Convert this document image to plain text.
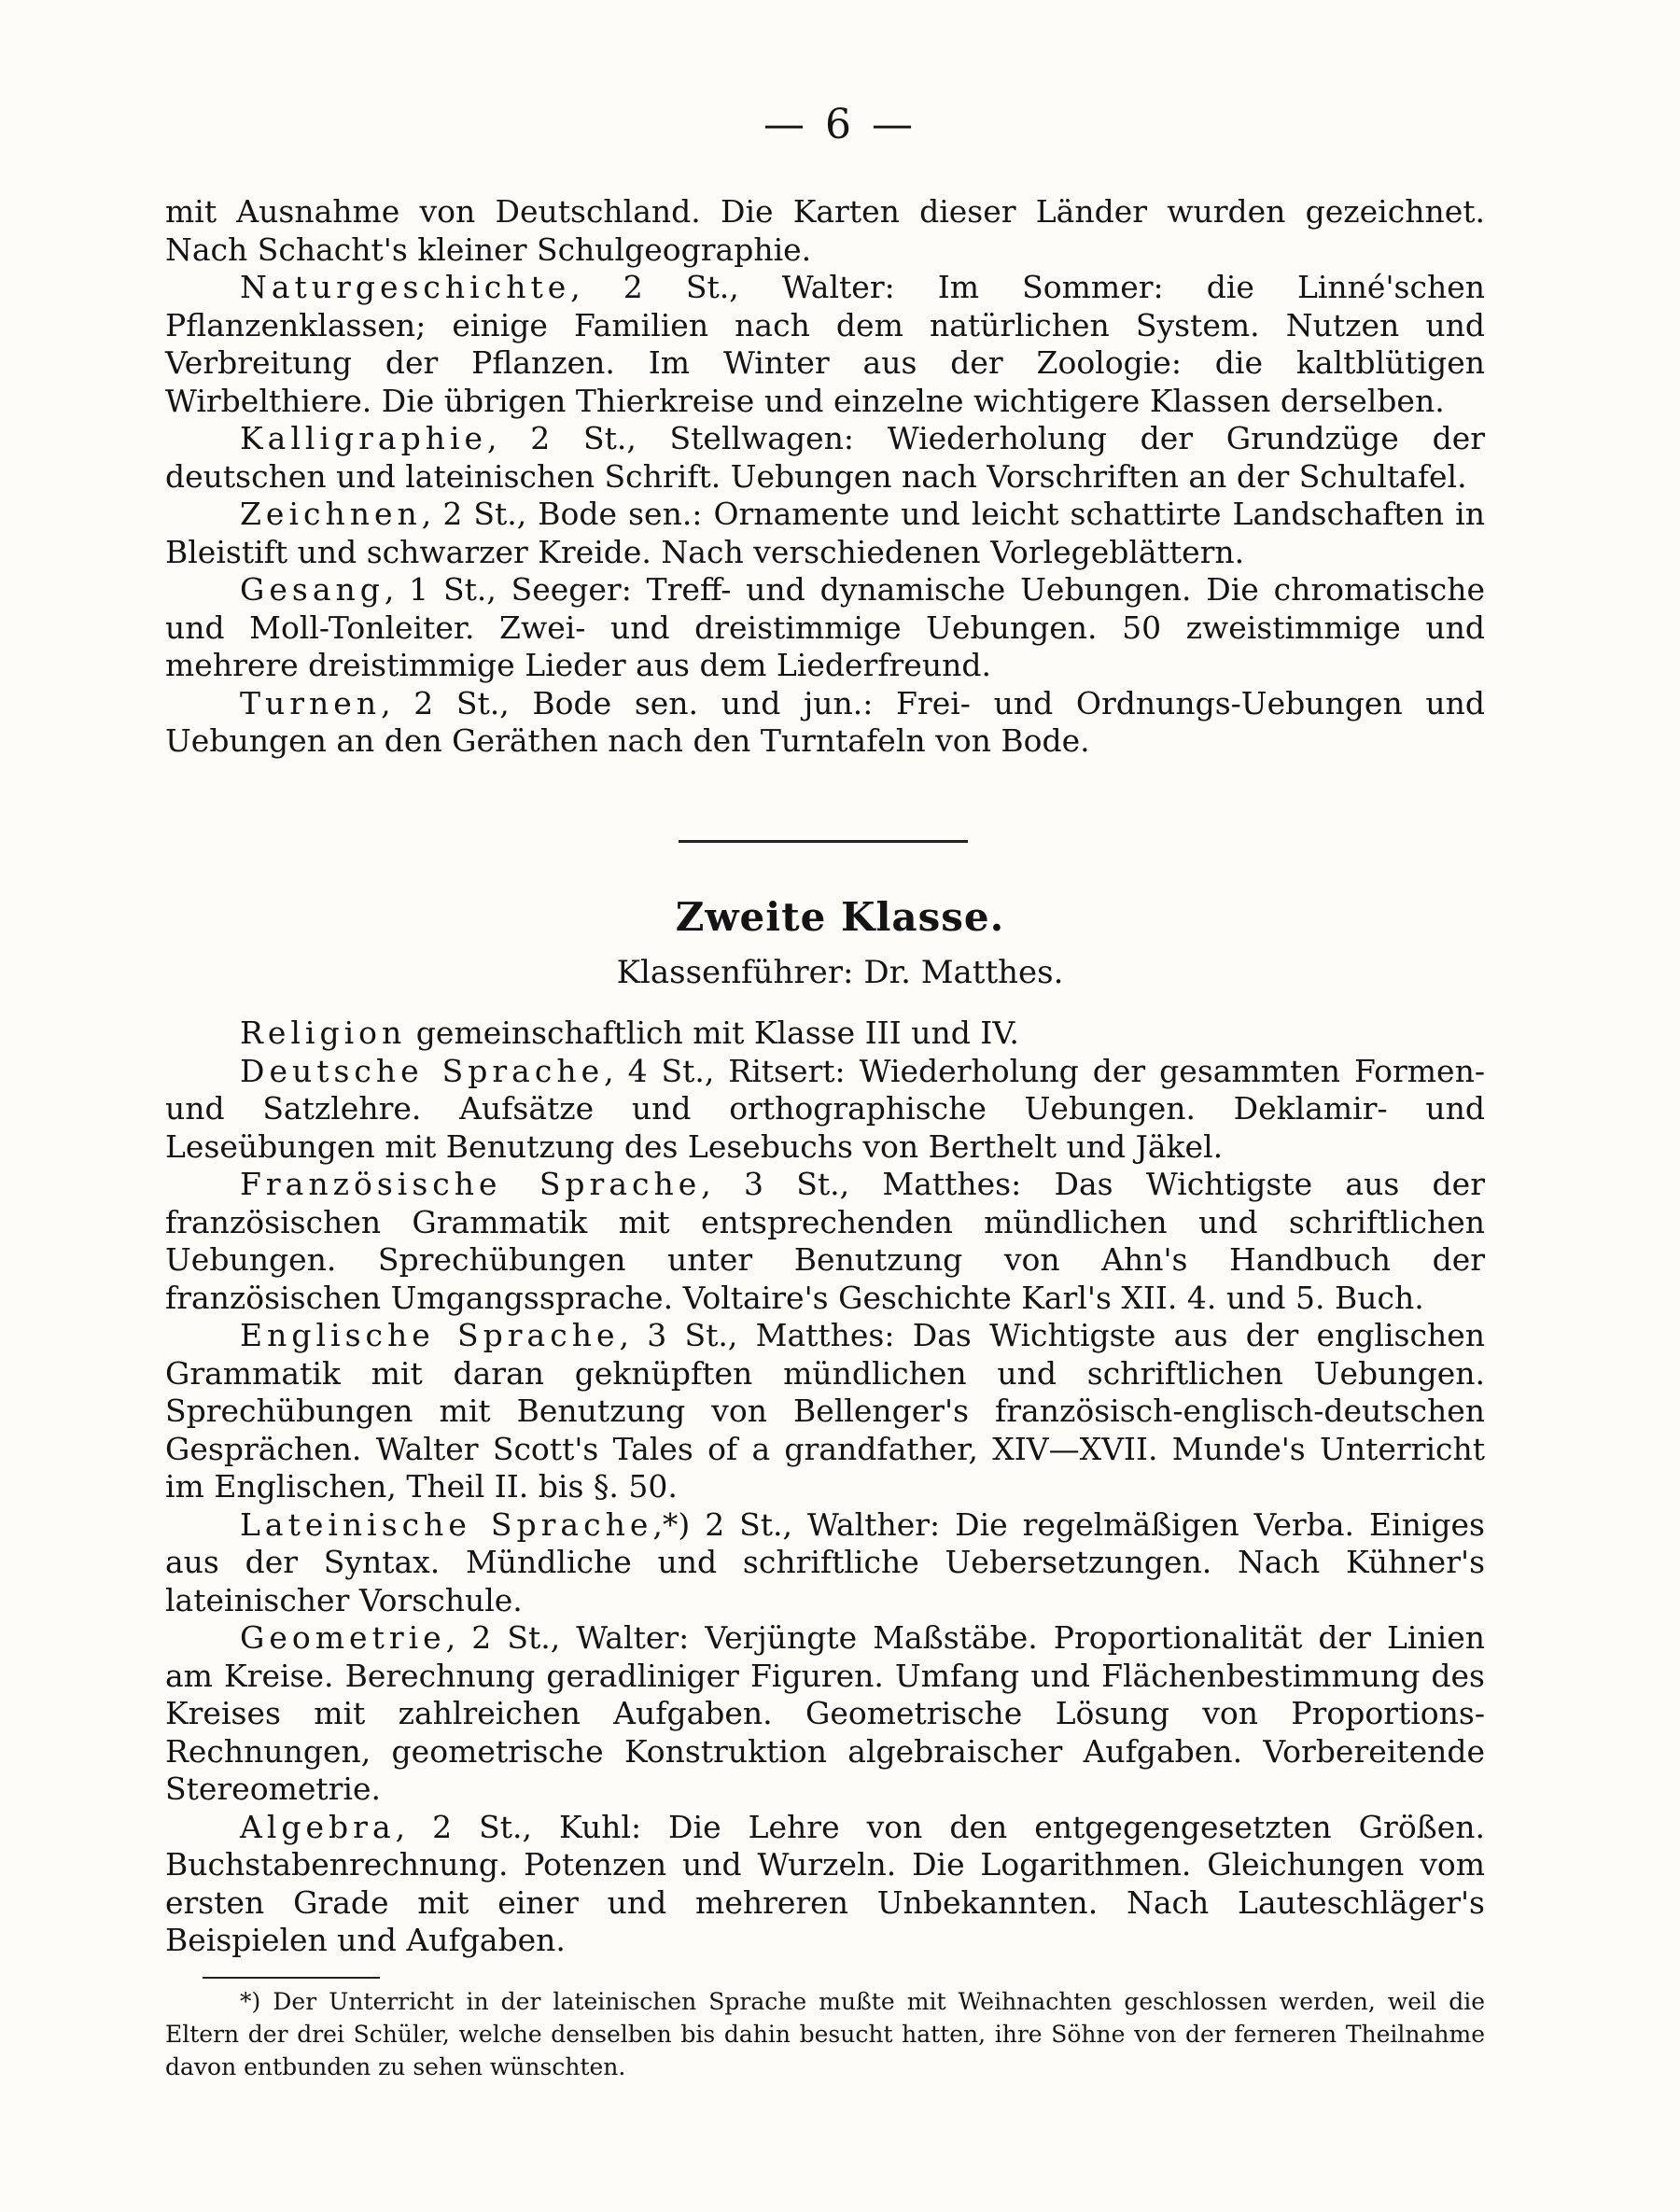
— 6 —

mit Ausnahme von Deutschland. Die Karten dieser Länder wurden gezeichnet. Nach Schacht's kleiner Schulgeographie.

Naturgeschichte, 2 St., Walter: Im Sommer: die Linné'schen Pflanzenklassen; einige Familien nach dem natürlichen System. Nutzen und Verbreitung der Pflanzen. Im Winter aus der Zoologie: die kaltblütigen Wirbelthiere. Die übrigen Thierkreise und einzelne wichtigere Klassen derselben.

Kalligraphie, 2 St., Stellwagen: Wiederholung der Grundzüge der deutschen und lateinischen Schrift. Uebungen nach Vorschriften an der Schultafel.

Zeichnen, 2 St., Bode sen.: Ornamente und leicht schattirte Landschaften in Bleistift und schwarzer Kreide. Nach verschiedenen Vorlegeblättern.

Gesang, 1 St., Seeger: Treff- und dynamische Uebungen. Die chromatische und Moll-Tonleiter. Zwei- und dreistimmige Uebungen. 50 zweistimmige und mehrere dreistimmige Lieder aus dem Liederfreund.

Turnen, 2 St., Bode sen. und jun.: Frei- und Ordnungs-Uebungen und Uebungen an den Geräthen nach den Turntafeln von Bode.

Zweite Klasse.
Klassenführer: Dr. Matthes.

Religion gemeinschaftlich mit Klasse III und IV.

Deutsche Sprache, 4 St., Ritsert: Wiederholung der gesammten Formen- und Satzlehre. Aufsätze und orthographische Uebungen. Deklamir- und Leseübungen mit Benutzung des Lesebuchs von Berthelt und Jäkel.

Französische Sprache, 3 St., Matthes: Das Wichtigste aus der französischen Grammatik mit entsprechenden mündlichen und schriftlichen Uebungen. Sprechübungen unter Benutzung von Ahn's Handbuch der französischen Umgangssprache. Voltaire's Geschichte Karl's XII. 4. und 5. Buch.

Englische Sprache, 3 St., Matthes: Das Wichtigste aus der englischen Grammatik mit daran geknüpften mündlichen und schriftlichen Uebungen. Sprechübungen mit Benutzung von Bellenger's französisch-englisch-deutschen Gesprächen. Walter Scott's Tales of a grandfather, XIV—XVII. Munde's Unterricht im Englischen, Theil II. bis §. 50.

Lateinische Sprache,*) 2 St., Walther: Die regelmäßigen Verba. Einiges aus der Syntax. Mündliche und schriftliche Uebersetzungen. Nach Kühner's lateinischer Vorschule.

Geometrie, 2 St., Walter: Verjüngte Maßstäbe. Proportionalität der Linien am Kreise. Berechnung geradliniger Figuren. Umfang und Flächenbestimmung des Kreises mit zahlreichen Aufgaben. Geometrische Lösung von Proportions-Rechnungen, geometrische Konstruktion algebraischer Aufgaben. Vorbereitende Stereometrie.

Algebra, 2 St., Kuhl: Die Lehre von den entgegengesetzten Größen. Buchstabenrechnung. Potenzen und Wurzeln. Die Logarithmen. Gleichungen vom ersten Grade mit einer und mehreren Unbekannten. Nach Lauteschläger's Beispielen und Aufgaben.

*) Der Unterricht in der lateinischen Sprache mußte mit Weihnachten geschlossen werden, weil die Eltern der drei Schüler, welche denselben bis dahin besucht hatten, ihre Söhne von der ferneren Theilnahme davon entbunden zu sehen wünschten.
